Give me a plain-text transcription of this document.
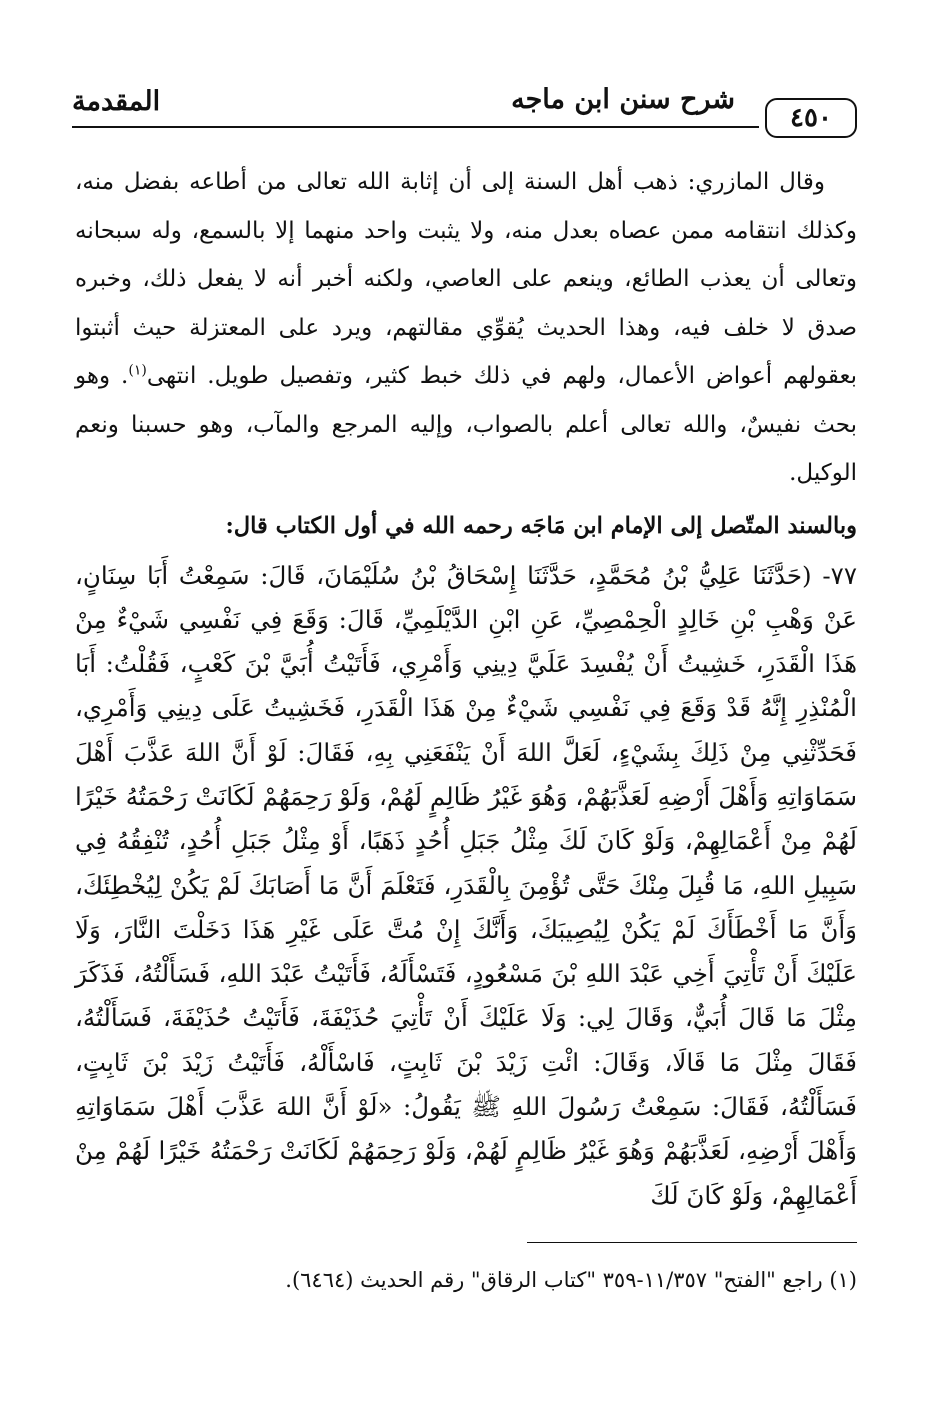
المقدمة	شرح سنن ابن ماجه
٤٥٠

وقال المازري: ذهب أهل السنة إلى أن إثابة الله تعالى من أطاعه بفضل منه، وكذلك انتقامه ممن عصاه بعدل منه، ولا يثبت واحد منهما إلا بالسمع، وله سبحانه وتعالى أن يعذب الطائع، وينعم على العاصي، ولكنه أخبر أنه لا يفعل ذلك، وخبره صدق لا خلف فيه، وهذا الحديث يُقوِّي مقالتهم، ويرد على المعتزلة حيث أثبتوا بعقولهم أعواض الأعمال، ولهم في ذلك خبط كثير، وتفصيل طويل. انتهى$^{(١)}$. وهو بحث نفيسٌ، والله تعالى أعلم بالصواب، وإليه المرجع والمآب، وهو حسبنا ونعم الوكيل.

وبالسند المتّصل إلى الإمام ابن مَاجَه رحمه الله في أول الكتاب قال:

٧٧- (حَدَّثَنَا عَلِيُّ بْنُ مُحَمَّدٍ، حَدَّثَنَا إِسْحَاقُ بْنُ سُلَيْمَانَ، قَالَ: سَمِعْتُ أَبَا سِنَانٍ، عَنْ وَهْبِ بْنِ خَالِدٍ الْحِمْصِيِّ، عَنِ ابْنِ الدَّيْلَمِيِّ، قَالَ: وَقَعَ فِي نَفْسِي شَيْءٌ مِنْ هَذَا الْقَدَرِ، خَشِيتُ أَنْ يُفْسِدَ عَلَيَّ دِينِي وَأَمْرِي، فَأَتَيْتُ أُبَيَّ بْنَ كَعْبٍ، فَقُلْتُ: أَبَا الْمُنْذِرِ إِنَّهُ قَدْ وَقَعَ فِي نَفْسِي شَيْءٌ مِنْ هَذَا الْقَدَرِ، فَخَشِيتُ عَلَى دِينِي وَأَمْرِي، فَحَدِّثْنِي مِنْ ذَلِكَ بِشَيْءٍ، لَعَلَّ اللهَ أَنْ يَنْفَعَنِي بِهِ، فَقَالَ: لَوْ أَنَّ اللهَ عَذَّبَ أَهْلَ سَمَاوَاتِهِ وَأَهْلَ أَرْضِهِ لَعَذَّبَهُمْ، وَهُوَ غَيْرُ ظَالِمٍ لَهُمْ، وَلَوْ رَحِمَهُمْ لَكَانَتْ رَحْمَتُهُ خَيْرًا لَهُمْ مِنْ أَعْمَالِهِمْ، وَلَوْ كَانَ لَكَ مِثْلُ جَبَلِ أُحُدٍ ذَهَبًا، أَوْ مِثْلُ جَبَلِ أُحُدٍ، تُنْفِقُهُ فِي سَبِيلِ اللهِ، مَا قُبِلَ مِنْكَ حَتَّى تُؤْمِنَ بِالْقَدَرِ، فَتَعْلَمَ أَنَّ مَا أَصَابَكَ لَمْ يَكُنْ لِيُخْطِئَكَ، وَأَنَّ مَا أَخْطَأَكَ لَمْ يَكُنْ لِيُصِيبَكَ، وَأَنَّكَ إِنْ مُتَّ عَلَى غَيْرِ هَذَا دَخَلْتَ النَّارَ، وَلَا عَلَيْكَ أَنْ تَأْتِيَ أَخِي عَبْدَ اللهِ بْنَ مَسْعُودٍ، فَتَسْأَلَهُ، فَأَتَيْتُ عَبْدَ اللهِ، فَسَأَلْتُهُ، فَذَكَرَ مِثْلَ مَا قَالَ أُبَيٌّ، وَقَالَ لِي: وَلَا عَلَيْكَ أَنْ تَأْتِيَ حُذَيْفَةَ، فَأَتَيْتُ حُذَيْفَةَ، فَسَأَلْتُهُ، فَقَالَ مِثْلَ مَا قَالَا، وَقَالَ: ائْتِ زَيْدَ بْنَ ثَابِتٍ، فَاسْأَلْهُ، فَأَتَيْتُ زَيْدَ بْنَ ثَابِتٍ، فَسَأَلْتُهُ، فَقَالَ: سَمِعْتُ رَسُولَ اللهِ ﷺ يَقُولُ: «لَوْ أَنَّ اللهَ عَذَّبَ أَهْلَ سَمَاوَاتِهِ وَأَهْلَ أَرْضِهِ، لَعَذَّبَهُمْ وَهُوَ غَيْرُ ظَالِمٍ لَهُمْ، وَلَوْ رَحِمَهُمْ لَكَانَتْ رَحْمَتُهُ خَيْرًا لَهُمْ مِنْ أَعْمَالِهِمْ، وَلَوْ كَانَ لَكَ

(١) راجع "الفتح" ١١/٣٥٧-٣٥٩ "كتاب الرقاق" رقم الحديث (٦٤٦٤).
